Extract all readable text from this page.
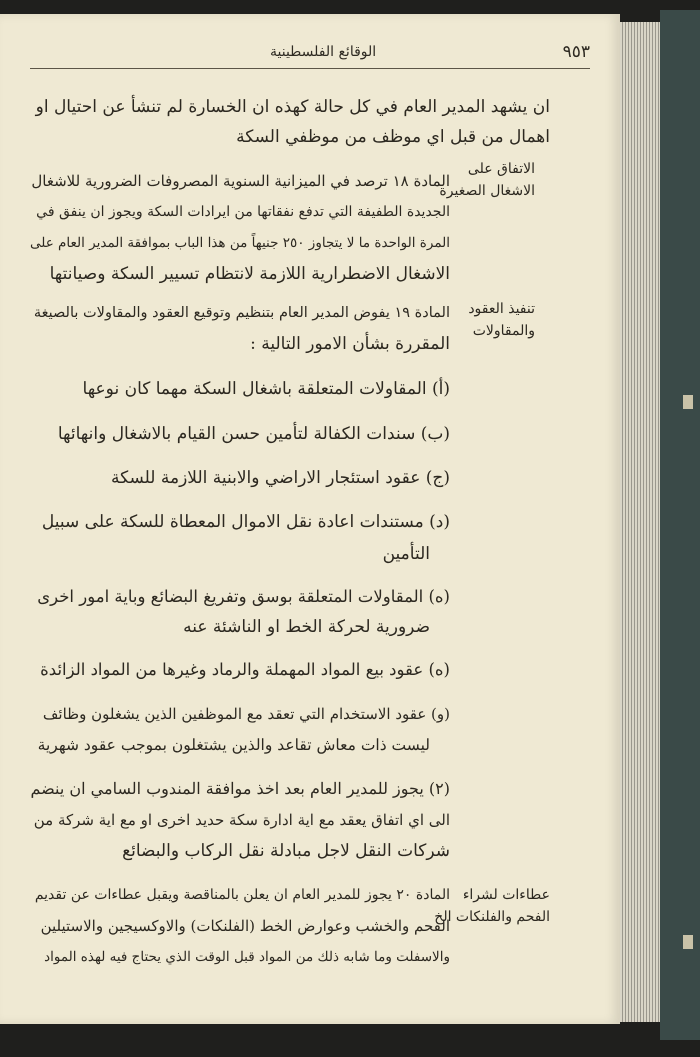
٩٥٣
الوقائع الفلسطينية
الاتفاق على
الاشغال الصغيرة
تنفيذ العقود
والمقاولات
عطاءات لشراء
الفحم والفلنكات الخ
ان يشهد المدير العام في كل حالة كهذه ان الخسارة لم تنشأ عن احتيال او
اهمال من قبل اي موظف من موظفي السكة
المادة ١٨ ترصد في الميزانية السنوية المصروفات الضرورية للاشغال
الجديدة الطفيفة التي تدفع نفقاتها من ايرادات السكة ويجوز ان ينفق في
المرة الواحدة ما لا يتجاوز ٢٥٠ جنيهاً من هذا الباب بموافقة المدير العام على
الاشغال الاضطرارية اللازمة لانتظام تسيير السكة وصيانتها
المادة ١٩ يفوض المدير العام بتنظيم وتوقيع العقود والمقاولات بالصيغة
المقررة بشأن الامور التالية :
(أ) المقاولات المتعلقة باشغال السكة مهما كان نوعها
(ب) سندات الكفالة لتأمين حسن القيام بالاشغال وانهائها
(ج) عقود استئجار الاراضي والابنية اللازمة للسكة
(د) مستندات اعادة نقل الاموال المعطاة للسكة على سبيل
التأمين
(ه) المقاولات المتعلقة بوسق وتفريغ البضائع وباية امور اخرى
ضرورية لحركة الخط او الناشئة عنه
(ه) عقود بيع المواد المهملة والرماد وغيرها من المواد الزائدة
(و) عقود الاستخدام التي تعقد مع الموظفين الذين يشغلون وظائف
ليست ذات معاش تقاعد والذين يشتغلون بموجب عقود شهرية
(٢) يجوز للمدير العام بعد اخذ موافقة المندوب السامي ان ينضم
الى اي اتفاق يعقد مع اية ادارة سكة حديد اخرى او مع اية شركة من
شركات النقل لاجل مبادلة نقل الركاب والبضائع
المادة ٢٠ يجوز للمدير العام ان يعلن بالمناقصة ويقبل عطاءات عن تقديم
الفحم والخشب وعوارض الخط (الفلنكات) والاوكسيجين والاستيلين
والاسفلت وما شابه ذلك من المواد قبل الوقت الذي يحتاج فيه لهذه المواد
